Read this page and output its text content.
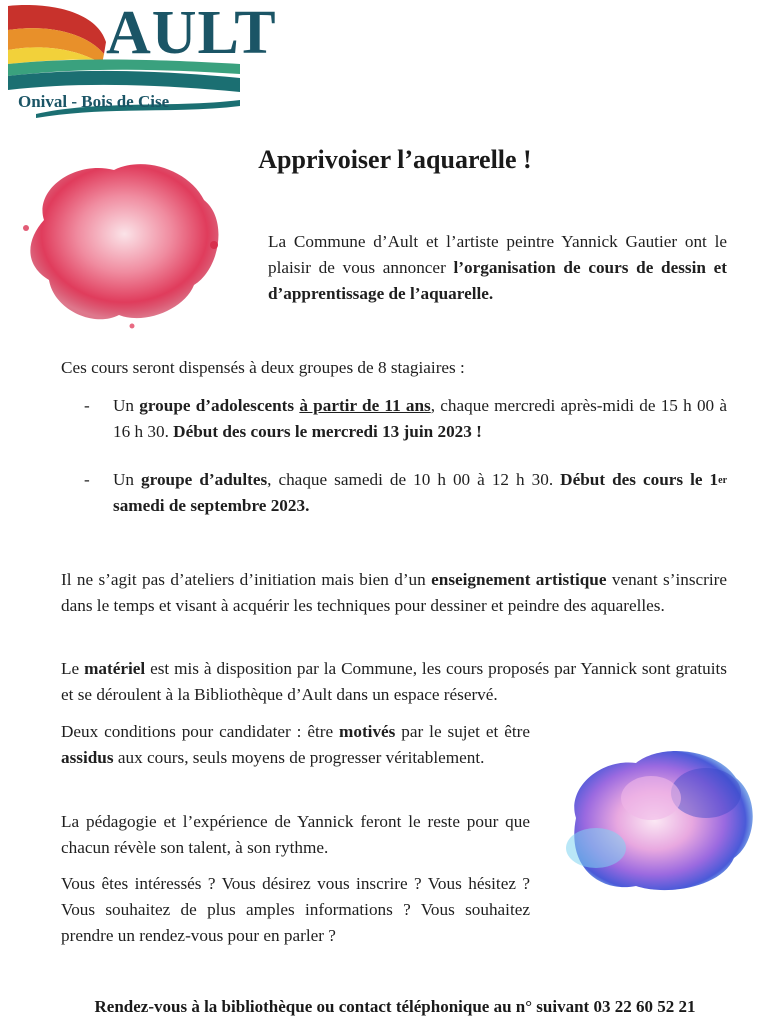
AULT
Onival - Bois de Cise
Apprivoiser l’aquarelle !

La Commune d’Ault et l’artiste peintre Yannick Gautier ont le plaisir de vous annoncer l’organisation de cours de dessin et d’apprentissage de l’aquarelle.

Ces cours seront dispensés à deux groupes de 8 stagiaires :

-	Un groupe d’adolescents à partir de 11 ans, chaque mercredi après-midi de 15 h 00 à 16 h 30. Début des cours le mercredi 13 juin 2023 !

-	Un groupe d’adultes, chaque samedi de 10 h 00 à 12 h 30. Début des cours le 1er samedi de septembre 2023.

Il ne s’agit pas d’ateliers d’initiation mais bien d’un enseignement artistique venant s’inscrire dans le temps et visant à acquérir les techniques pour dessiner et peindre des aquarelles.

Le matériel est mis à disposition par la Commune, les cours proposés par Yannick sont gratuits et se déroulent à la Bibliothèque d’Ault dans un espace réservé.

Deux conditions pour candidater : être motivés par le sujet et être assidus aux cours, seuls moyens de progresser véritablement.

La pédagogie et l’expérience de Yannick feront le reste pour que chacun révèle son talent, à son rythme.

Vous êtes intéressés ? Vous désirez vous inscrire ? Vous hésitez ? Vous souhaitez de plus amples informations ? Vous souhaitez prendre un rendez-vous pour en parler ?

Rendez-vous à la bibliothèque ou contact téléphonique au n° suivant 03 22 60 52 21
